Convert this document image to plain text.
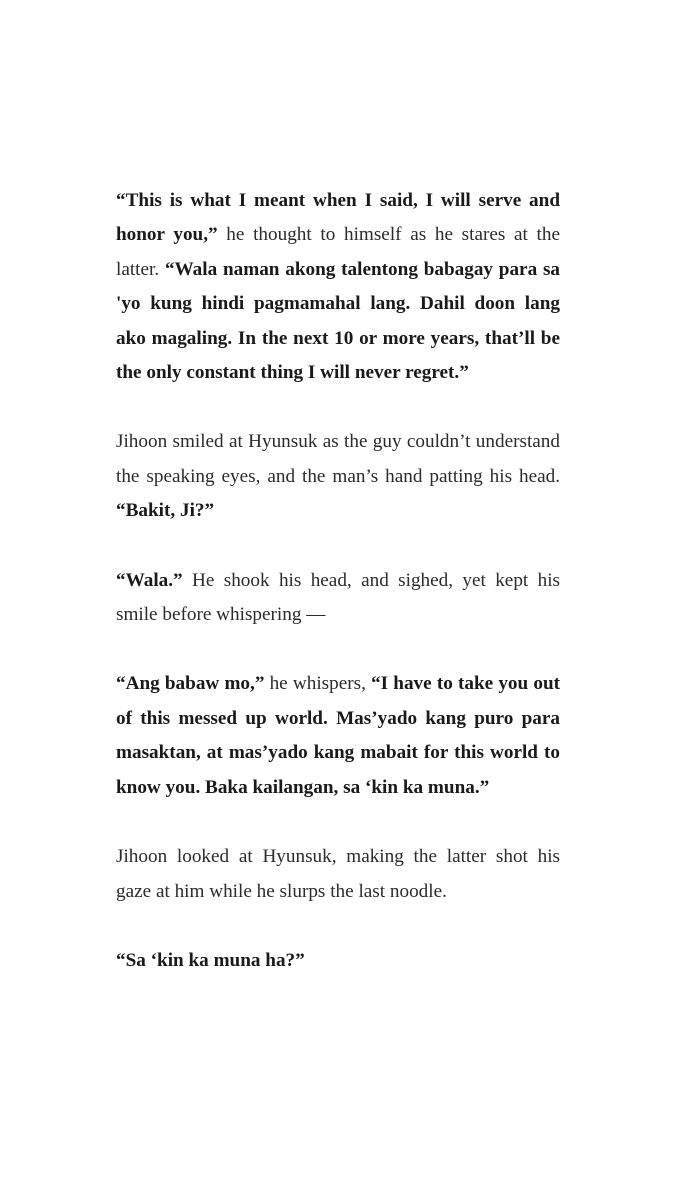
“This is what I meant when I said, I will serve and honor you,” he thought to himself as he stares at the latter. “Wala naman akong talentong babagay para sa 'yo kung hindi pagmamahal lang. Dahil doon lang ako magaling. In the next 10 or more years, that’ll be the only constant thing I will never regret.”

Jihoon smiled at Hyunsuk as the guy couldn’t understand the speaking eyes, and the man’s hand patting his head. “Bakit, Ji?”

“Wala.” He shook his head, and sighed, yet kept his smile before whispering —

“Ang babaw mo,” he whispers, “I have to take you out of this messed up world. Mas’yado kang puro para masaktan, at mas’yado kang mabait for this world to know you. Baka kailangan, sa ‘kin ka muna.”

Jihoon looked at Hyunsuk, making the latter shot his gaze at him while he slurps the last noodle.

“Sa ‘kin ka muna ha?”
